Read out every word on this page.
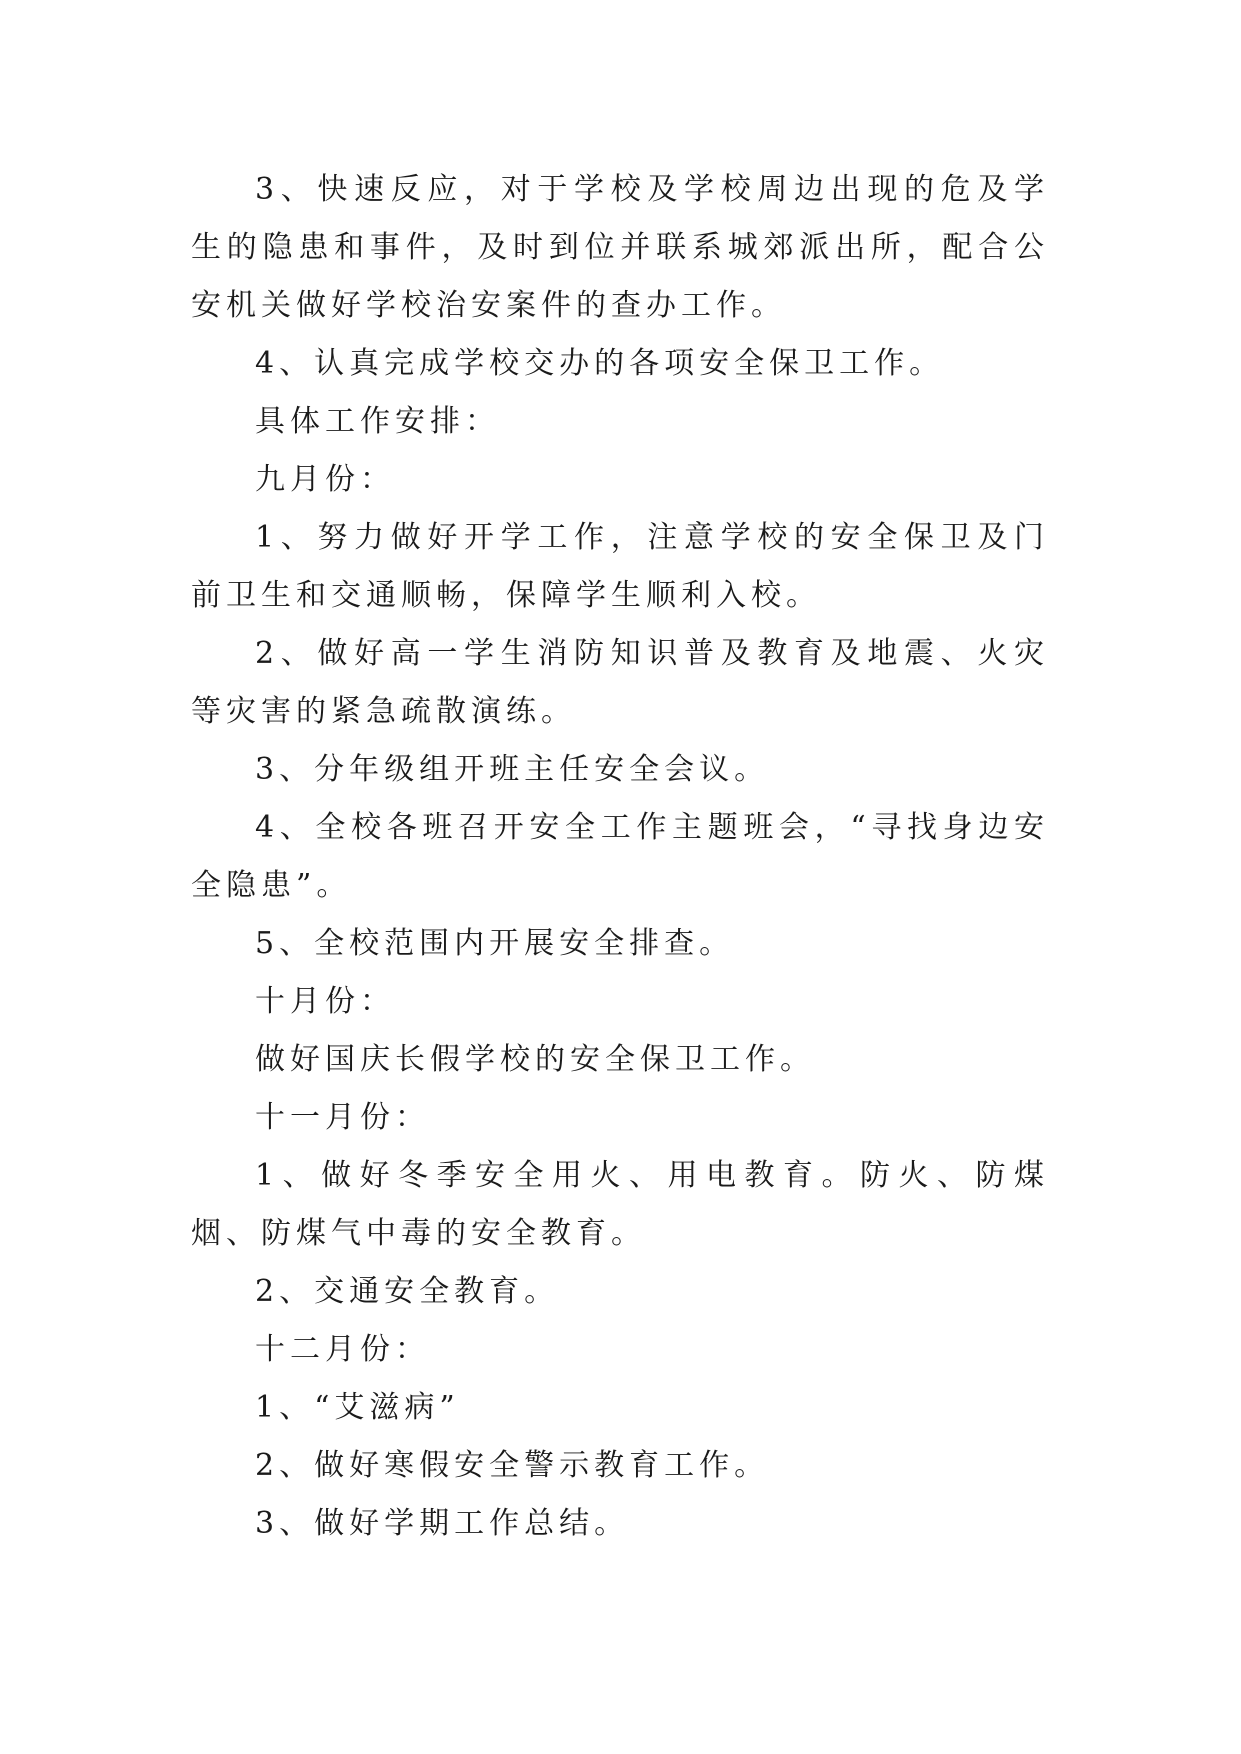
3、快速反应，对于学校及学校周边出现的危及学生的隐患和事件，及时到位并联系城郊派出所，配合公安机关做好学校治安案件的查办工作。

4、认真完成学校交办的各项安全保卫工作。

具体工作安排：

九月份：

1、努力做好开学工作，注意学校的安全保卫及门前卫生和交通顺畅，保障学生顺利入校。

2、做好高一学生消防知识普及教育及地震、火灾等灾害的紧急疏散演练。

3、分年级组开班主任安全会议。

4、全校各班召开安全工作主题班会，“寻找身边安全隐患”。

5、全校范围内开展安全排查。

十月份：

做好国庆长假学校的安全保卫工作。

十一月份：

1、做好冬季安全用火、用电教育。防火、防煤烟、防煤气中毒的安全教育。

2、交通安全教育。

十二月份：

1、“艾滋病”

2、做好寒假安全警示教育工作。

3、做好学期工作总结。
